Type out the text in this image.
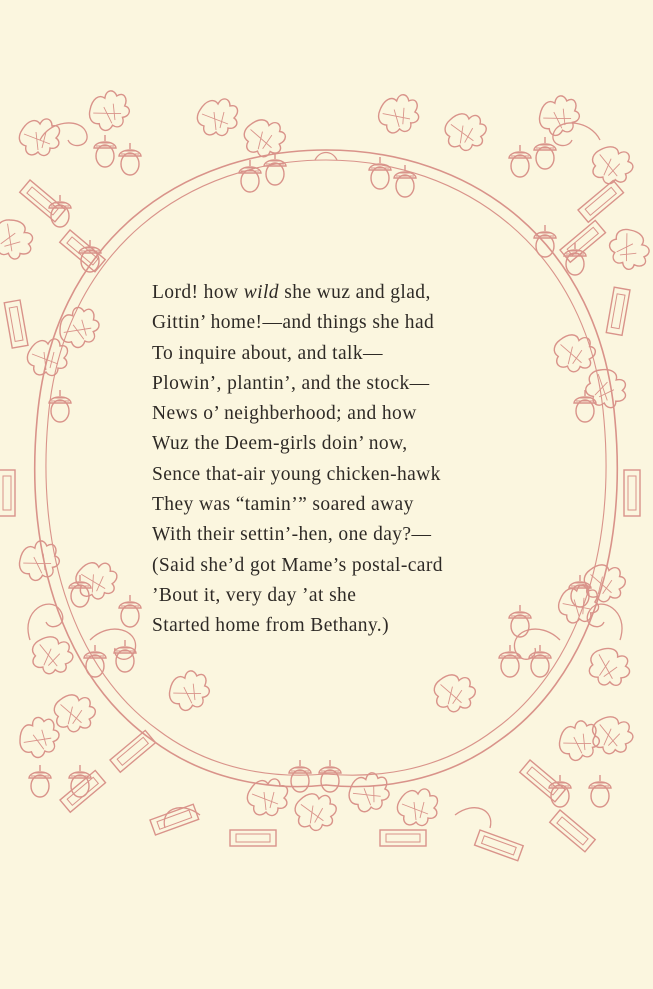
Lord! how wild she wuz and glad,
Gittin’ home!—and things she had
To inquire about, and talk—
Plowin’, plantin’, and the stock—
News o’ neighberhood; and how
Wuz the Deem-girls doin’ now,
Sence that-air young chicken-hawk
They was “tamin’” soared away
With their settin’-hen, one day?—
(Said she’d got Mame’s postal-card
’Bout it, very day ’at she
Started home from Bethany.)
